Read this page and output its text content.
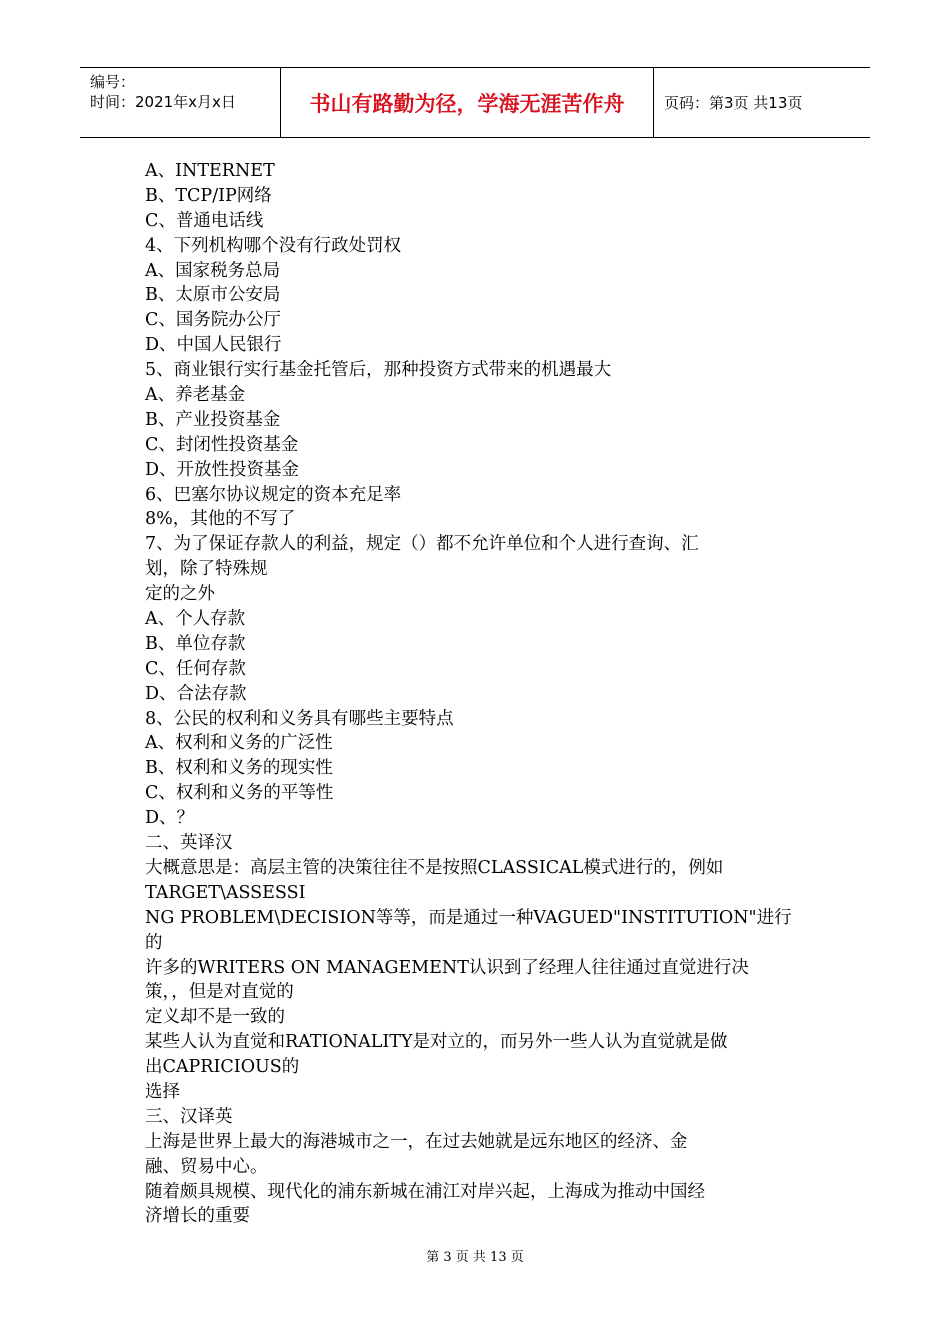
编号：
时间：2021年x月x日	书山有路勤为径，学海无涯苦作舟	页码：第3页 共13页
A、INTERNET
B、TCP/IP网络
C、普通电话线
4、下列机构哪个没有行政处罚权
A、国家税务总局
B、太原市公安局
C、国务院办公厅
D、中国人民银行
5、商业银行实行基金托管后，那种投资方式带来的机遇最大
A、养老基金
B、产业投资基金
C、封闭性投资基金
D、开放性投资基金
6、巴塞尔协议规定的资本充足率
8%，其他的不写了
7、为了保证存款人的利益，规定（）都不允许单位和个人进行查询、汇
划，除了特殊规
定的之外
A、个人存款
B、单位存款
C、任何存款
D、合法存款
8、公民的权利和义务具有哪些主要特点
A、权利和义务的广泛性
B、权利和义务的现实性
C、权利和义务的平等性
D、？
二、英译汉
大概意思是：高层主管的决策往往不是按照CLASSICAL模式进行的，例如
TARGET\ASSESSI
NG PROBLEM\DECISION等等，而是通过一种VAGUED"INSTITUTION"进行
的
许多的WRITERS ON MANAGEMENT认识到了经理人往往通过直觉进行决
策，，但是对直觉的
定义却不是一致的
某些人认为直觉和RATIONALITY是对立的，而另外一些人认为直觉就是做
出CAPRICIOUS的
选择
三、汉译英
上海是世界上最大的海港城市之一，在过去她就是远东地区的经济、金
融、贸易中心。
随着颇具规模、现代化的浦东新城在浦江对岸兴起，上海成为推动中国经
济增长的重要
第 3 页 共 13 页
